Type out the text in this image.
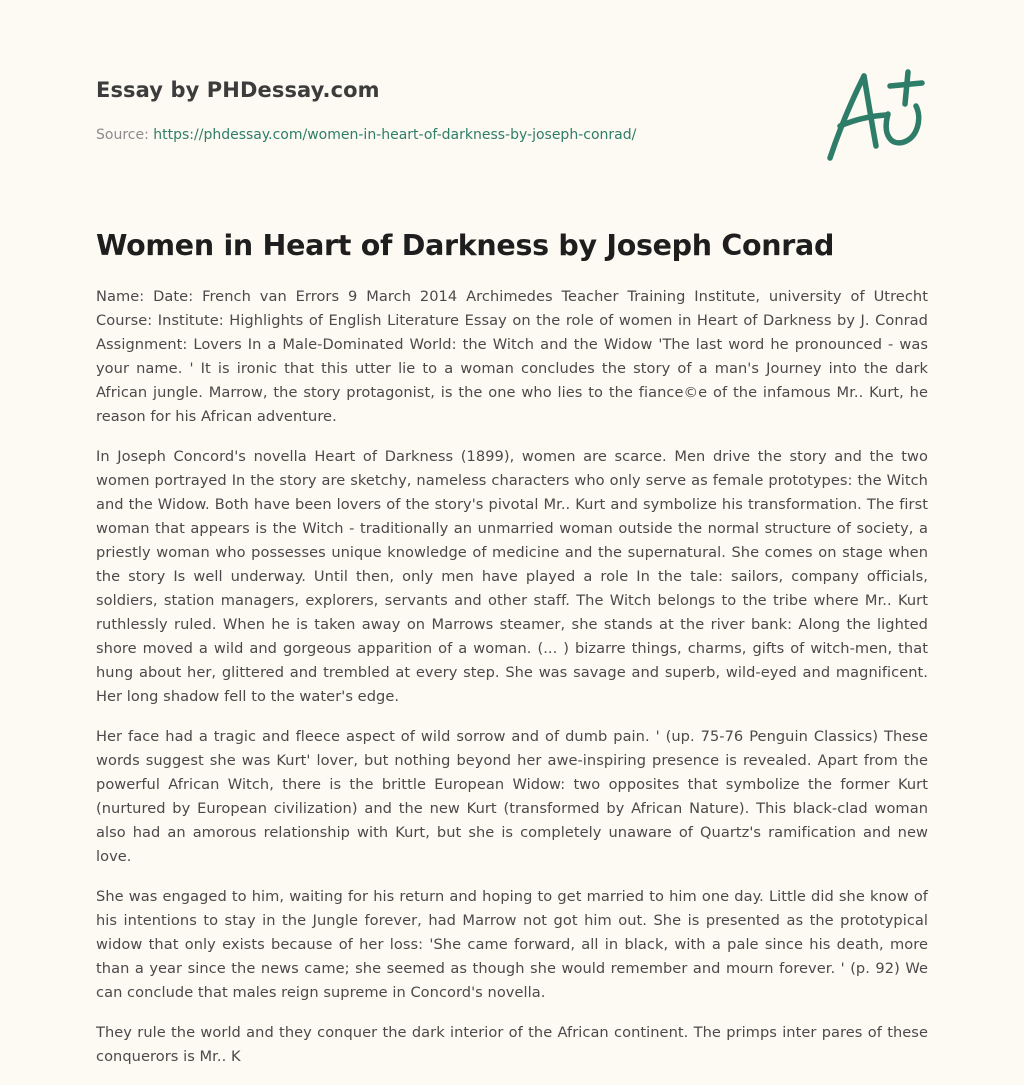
Essay by PHDessay.com
Source: https://phdessay.com/women-in-heart-of-darkness-by-joseph-conrad/
Women in Heart of Darkness by Joseph Conrad

Name: Date: French van Errors 9 March 2014 Archimedes Teacher Training Institute, university of Utrecht Course: Institute: Highlights of English Literature Essay on the role of women in Heart of Darkness by J. Conrad Assignment: Lovers In a Male-Dominated World: the Witch and the Widow 'The last word he pronounced - was your name. ' It is ironic that this utter lie to a woman concludes the story of a man's Journey into the dark African jungle. Marrow, the story protagonist, is the one who lies to the fiance©e of the infamous Mr.. Kurt, he reason for his African adventure.

In Joseph Concord's novella Heart of Darkness (1899), women are scarce. Men drive the story and the two women portrayed In the story are sketchy, nameless characters who only serve as female prototypes: the Witch and the Widow. Both have been lovers of the story's pivotal Mr.. Kurt and symbolize his transformation. The first woman that appears is the Witch - traditionally an unmarried woman outside the normal structure of society, a priestly woman who possesses unique knowledge of medicine and the supernatural. She comes on stage when the story Is well underway. Until then, only men have played a role In the tale: sailors, company officials, soldiers, station managers, explorers, servants and other staff. The Witch belongs to the tribe where Mr.. Kurt ruthlessly ruled. When he is taken away on Marrows steamer, she stands at the river bank: Along the lighted shore moved a wild and gorgeous apparition of a woman. (... ) bizarre things, charms, gifts of witch-men, that hung about her, glittered and trembled at every step. She was savage and superb, wild-eyed and magnificent. Her long shadow fell to the water's edge.

Her face had a tragic and fleece aspect of wild sorrow and of dumb pain. ' (up. 75-76 Penguin Classics) These words suggest she was Kurt' lover, but nothing beyond her awe-inspiring presence is revealed. Apart from the powerful African Witch, there is the brittle European Widow: two opposites that symbolize the former Kurt (nurtured by European civilization) and the new Kurt (transformed by African Nature). This black-clad woman also had an amorous relationship with Kurt, but she is completely unaware of Quartz's ramification and new love.

She was engaged to him, waiting for his return and hoping to get married to him one day. Little did she know of his intentions to stay in the Jungle forever, had Marrow not got him out. She is presented as the prototypical widow that only exists because of her loss: 'She came forward, all in black, with a pale since his death, more than a year since the news came; she seemed as though she would remember and mourn forever. ' (p. 92) We can conclude that males reign supreme in Concord's novella.

They rule the world and they conquer the dark interior of the African continent. The primps inter pares of these conquerors is Mr.. K
